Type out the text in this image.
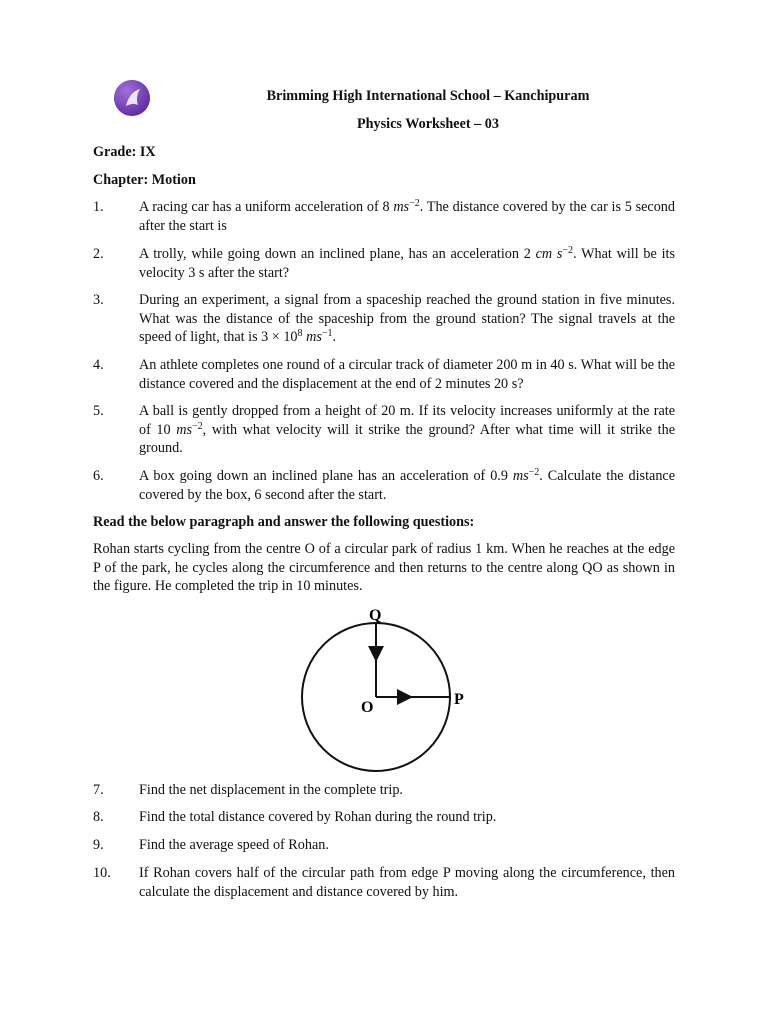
Brimming High International School – Kanchipuram
Physics Worksheet – 03
Grade: IX
Chapter: Motion
1. A racing car has a uniform acceleration of 8 $ms^{-2}$. The distance covered by the car is 5 second after the start is
2. A trolly, while going down an inclined plane, has an acceleration 2 cm $s^{-2}$. What will be its velocity 3 s after the start?
3. During an experiment, a signal from a spaceship reached the ground station in five minutes. What was the distance of the spaceship from the ground station? The signal travels at the speed of light, that is $3 \times 10^8$ $ms^{-1}$.
4. An athlete completes one round of a circular track of diameter 200 m in 40 s. What will be the distance covered and the displacement at the end of 2 minutes 20 s?
5. A ball is gently dropped from a height of 20 m. If its velocity increases uniformly at the rate of 10 $ms^{-2}$, with what velocity will it strike the ground? After what time will it strike the ground.
6. A box going down an inclined plane has an acceleration of 0.9 $ms^{-2}$. Calculate the distance covered by the box, 6 second after the start.
Read the below paragraph and answer the following questions:
Rohan starts cycling from the centre O of a circular park of radius 1 km. When he reaches at the edge P of the park, he cycles along the circumference and then returns to the centre along QO as shown in the figure. He completed the trip in 10 minutes.
Q
O	P
7. Find the net displacement in the complete trip.
8. Find the total distance covered by Rohan during the round trip.
9. Find the average speed of Rohan.
10. If Rohan covers half of the circular path from edge P moving along the circumference, then calculate the displacement and distance covered by him.
